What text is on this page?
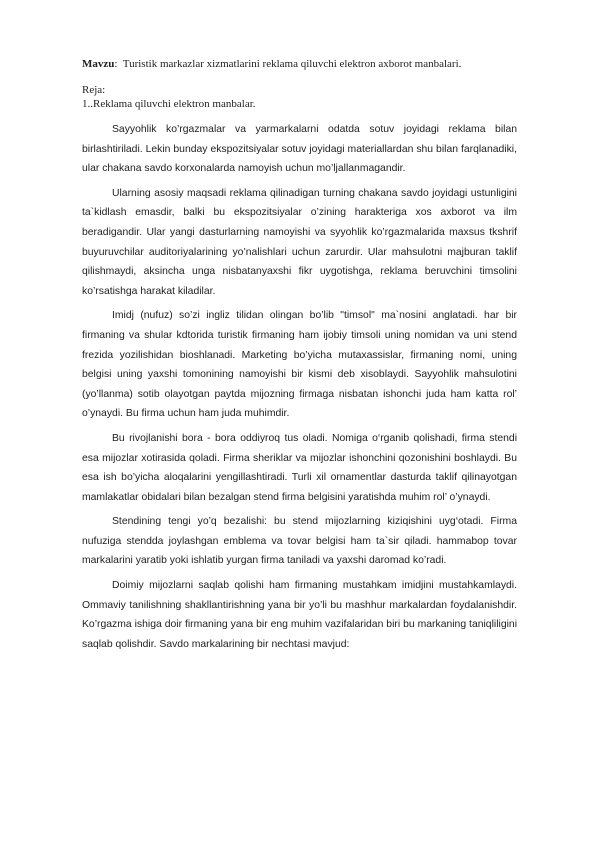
Mavzu:  Turistik markazlar xizmatlarini reklama qiluvchi elektron axborot manbalari.
Reja:
1..Reklama qiluvchi elektron manbalar.

Sayyohlik ko’rgazmalar va yarmarkalarni odatda sotuv joyidagi reklama bilan birlashtiriladi. Lekin bunday ekspozitsiyalar sotuv joyidagi materiallardan shu bilan farqlanadiki, ular chakana savdo korxonalarda namoyish uchun mo’ljallanmagandir.

Ularning asosiy maqsadi reklama qilinadigan turning chakana savdo joyidagi ustunligini ta`kidlash emasdir, balki bu ekspozitsiyalar o’zining harakteriga xos axborot va ilm beradigandir. Ular yangi dasturlarning namoyishi va syyohlik ko’rgazmalarida maxsus tkshrif buyuruvchilar auditoriyalarining yo’nalishlari uchun zarurdir. Ular mahsulotni majburan taklif qilishmaydi, aksincha unga nisbatanyaxshi fikr uygotishga, reklama beruvchini timsolini ko’rsatishga harakat kiladilar.

Imidj (nufuz) so’zi ingliz tilidan olingan bo’lib "timsol" ma`nosini anglatadi. har bir firmaning va shular kdtorida turistik firmaning ham ijobiy timsoli uning nomidan va uni stend frezida yozilishidan bioshlanadi. Marketing bo’yicha mutaxassislar, firmaning nomi, uning belgisi uning yaxshi tomonining namoyishi bir kismi deb xisoblaydi. Sayyohlik mahsulotini (yo’llanma) sotib olayotgan paytda mijozning firmaga nisbatan ishonchi juda ham katta rol’ o’ynaydi. Bu firma uchun ham juda muhimdir.

Bu rivojlanishi bora - bora oddiyroq tus oladi. Nomiga o‘rganib qolishadi, firma stendi esa mijozlar xotirasida qoladi. Firma sheriklar va mijozlar ishonchini qozonishini boshlaydi. Bu esa ish bo’yicha aloqalarini yengillashtiradi. Turli xil ornamentlar dasturda taklif qilinayotgan mamlakatlar obidalari bilan bezalgan stend firma belgisini yaratishda muhim rol’ o’ynaydi.

Stendining tengi yo’q bezalishi: bu stend mijozlarning kiziqishini uyg‘otadi. Firma nufuziga stendda joylashgan emblema va tovar belgisi ham ta`sir qiladi. hammabop tovar markalarini yaratib yoki ishlatib yurgan firma taniladi va yaxshi daromad ko’radi.

Doimiy mijozlarni saqlab qolishi ham firmaning mustahkam imidjini mustahkamlaydi. Ommaviy tanilishning shakllantirishning yana bir yo’li bu mashhur markalardan foydalanishdir. Ko’rgazma ishiga doir firmaning yana bir eng muhim vazifalaridan biri bu markaning taniqliligini saqlab qolishdir. Savdo markalarining bir nechtasi mavjud:
